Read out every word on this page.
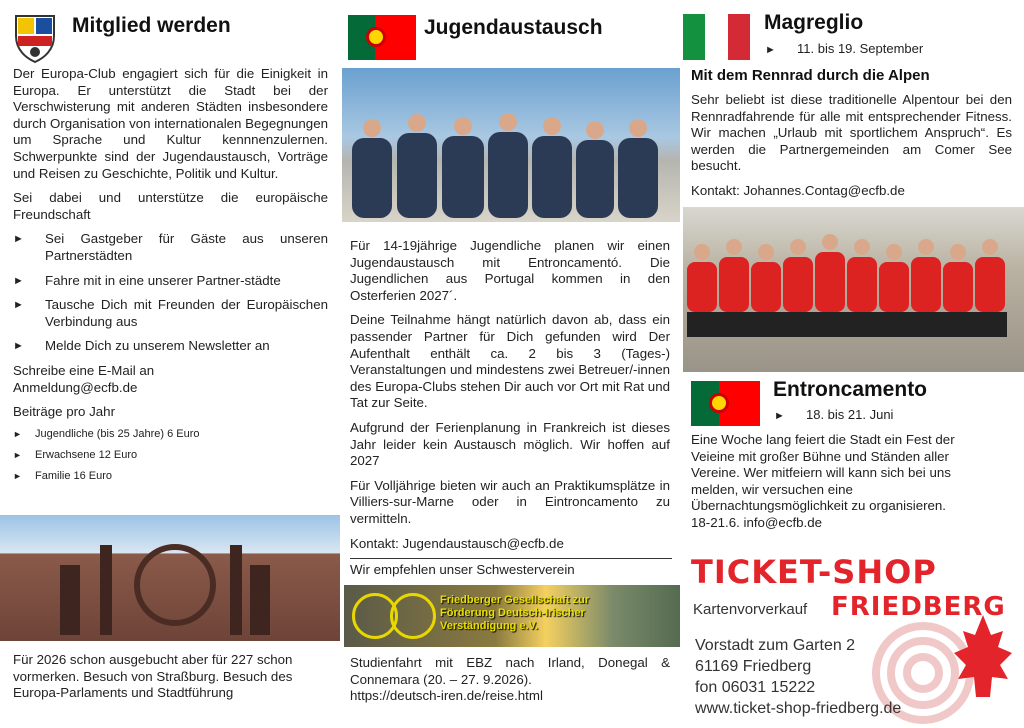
Mitglied werden

Der Europa-Club engagiert sich für die Einigkeit in Europa. Er unterstützt die Stadt bei der Verschwisterung mit anderen Städten insbesondere durch Organisation von internationalen Begegnungen um Sprache und Kultur kennnenzulernen. Schwerpunkte sind der Jugendaustausch, Vorträge und Reisen zu Geschichte, Politik und Kultur.

Sei dabei und unterstütze die europäische Freundschaft

►	Sei Gastgeber für Gäste aus unseren Partnerstädten
►	Fahre mit in eine unserer Partner-städte
►	Tausche Dich mit Freunden der Europäischen Verbindung aus
►	Melde Dich zu unserem Newsletter an
Schreibe eine E-Mail an
Anmeldung@ecfb.de
Beiträge pro Jahr
►	Jugendliche (bis 25 Jahre) 6 Euro
►	Erwachsene 12 Euro
►	Familie 16 Euro
Für 2026 schon ausgebucht aber für 227 schon vormerken. Besuch von Straßburg. Besuch des Europa-Parlaments und Stadtführung
Jugendaustausch

Für 14-19jährige Jugendliche planen wir einen Jugendaustausch mit Entroncamentó. Die Jugendlichen aus Portugal kommen in den Osterferien 2027´.

Deine Teilnahme hängt natürlich davon ab, dass ein passender Partner für Dich gefunden wird Der Aufenthalt enthält ca. 2 bis 3 (Tages-) Veranstaltungen und mindestens zwei Betreuer/-innen des Europa-Clubs stehen Dir auch vor Ort mit Rat und Tat zur Seite.

Aufgrund der Ferienplanung in Frankreich ist dieses Jahr leider kein Austausch möglich. Wir hoffen auf 2027

Für Volljährige bieten wir auch an Praktikumsplätze in Villiers-sur-Marne oder in Eintroncamento zu vermitteln.

Kontakt: Jugendaustausch@ecfb.de

Wir empfehlen unser Schwesterverein
Friedberger Gesellschaft zur
Förderung Deutsch-Irischer
Verständigung e.V.
Studienfahrt mit EBZ nach Irland, Donegal & Connemara (20. – 27. 9.2026).
https://deutsch-iren.de/reise.html
Magreglio
► 11. bis 19. September
Mit dem Rennrad durch die Alpen

Sehr beliebt ist diese traditionelle Alpentour bei den Rennradfahrende für alle mit entsprechender Fitness. Wir machen „Urlaub mit sportlichem Anspruch“. Es werden die Partnergemeinden am Comer See besucht.

Kontakt: Johannes.Contag@ecfb.de

Entroncamento
► 18. bis 21. Juni
Eine Woche lang feiert die Stadt ein Fest der
Veieine mit großer Bühne und Ständen aller
Vereine. Wer mitfeiern will kann sich bei uns
melden, wir versuchen eine
Übernachtungsmöglichkeit zu organisieren.
18-21.6. info@ecfb.de
TICKET-SHOP
Kartenvorverkauf FRIEDBERG
Vorstadt zum Garten 2
61169 Friedberg
fon 06031 15222
www.ticket-shop-friedberg.de
